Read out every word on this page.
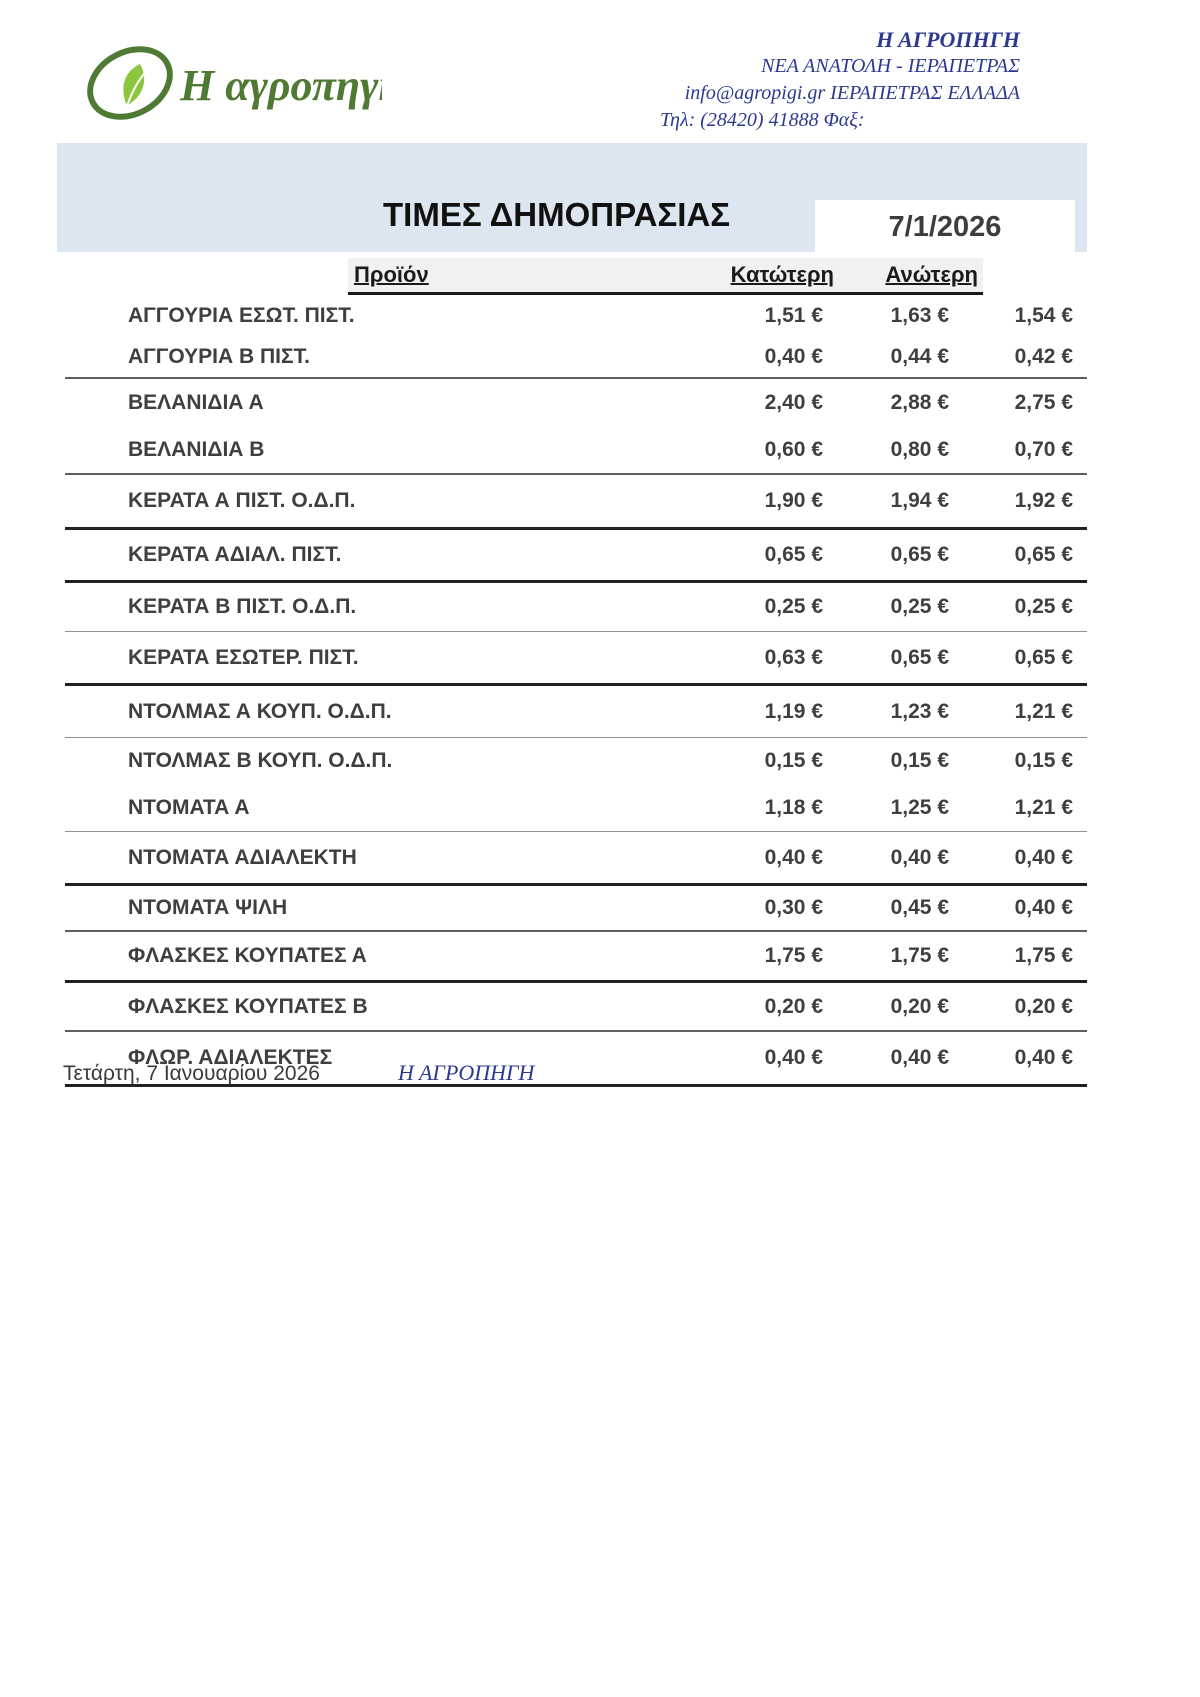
Η αγροπηγή
Η ΑΓΡΟΠΗΓΗ
ΝΕΑ ΑΝΑΤΟΛΗ - ΙΕΡΑΠΕΤΡΑΣ
info@agropigi.gr ΙΕΡΑΠΕΤΡΑΣ ΕΛΛΑΔΑ
Τηλ: (28420) 41888 Φαξ:
ΤΙΜΕΣ ΔΗΜΟΠΡΑΣΙΑΣ	7/1/2026
Προϊόν	Κατώτερη Ανώτερη
ΑΓΓΟΥΡΙΑ ΕΣΩΤ. ΠΙΣΤ.	1,51 €	1,63 €	1,54 €
ΑΓΓΟΥΡΙΑ Β ΠΙΣΤ.	0,40 €	0,44 €	0,42 €
ΒΕΛΑΝΙΔΙΑ Α	2,40 €	2,88 €	2,75 €
ΒΕΛΑΝΙΔΙΑ Β	0,60 €	0,80 €	0,70 €
ΚΕΡΑΤΑ Α ΠΙΣΤ. Ο.Δ.Π.	1,90 €	1,94 €	1,92 €
ΚΕΡΑΤΑ ΑΔΙΑΛ. ΠΙΣΤ.	0,65 €	0,65 €	0,65 €
ΚΕΡΑΤΑ Β ΠΙΣΤ. Ο.Δ.Π.	0,25 €	0,25 €	0,25 €
ΚΕΡΑΤΑ ΕΣΩΤΕΡ. ΠΙΣΤ.	0,63 €	0,65 €	0,65 €
ΝΤΟΛΜΑΣ Α ΚΟΥΠ. Ο.Δ.Π.	1,19 €	1,23 €	1,21 €
ΝΤΟΛΜΑΣ Β ΚΟΥΠ. Ο.Δ.Π.	0,15 €	0,15 €	0,15 €
ΝΤΟΜΑΤΑ Α	1,18 €	1,25 €	1,21 €
ΝΤΟΜΑΤΑ ΑΔΙΑΛΕΚΤΗ	0,40 €	0,40 €	0,40 €
ΝΤΟΜΑΤΑ ΨΙΛΗ	0,30 €	0,45 €	0,40 €
ΦΛΑΣΚΕΣ ΚΟΥΠΑΤΕΣ Α	1,75 €	1,75 €	1,75 €
ΦΛΑΣΚΕΣ ΚΟΥΠΑΤΕΣ Β	0,20 €	0,20 €	0,20 €
ΦΛΩΡ. ΑΔΙΑΛΕΚΤΕΣ	0,40 €	0,40 €	0,40 €
Τετάρτη, 7 Ιανουαρίου 2026	Η ΑΓΡΟΠΗΓΗ
